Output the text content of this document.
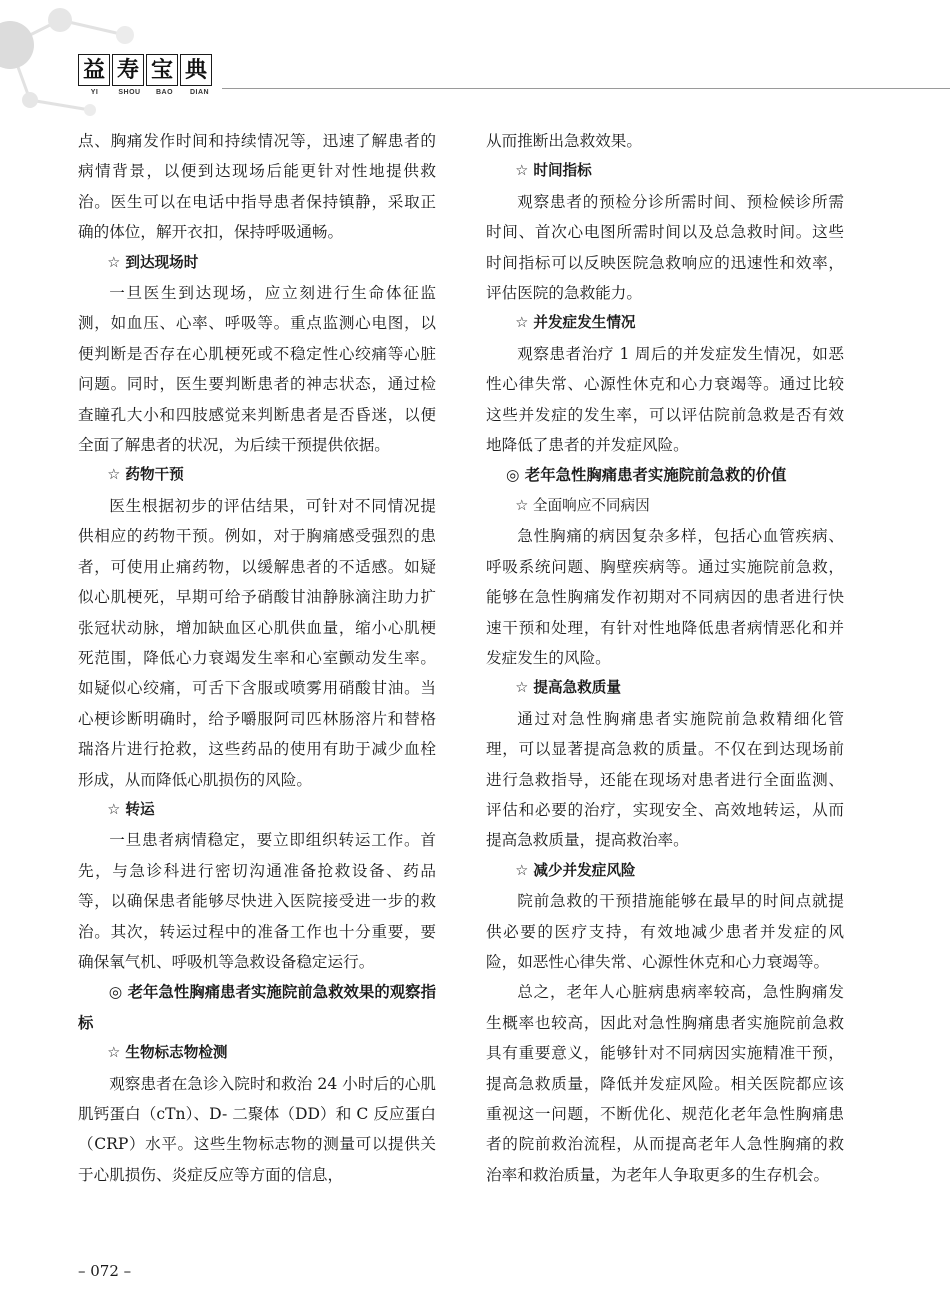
益 寿 宝 典
YI	SHOU	BAO	DIAN

点、胸痛发作时间和持续情况等，迅速了解患者的病情背景，以便到达现场后能更针对性地提供救治。医生可以在电话中指导患者保持镇静，采取正确的体位，解开衣扣，保持呼吸通畅。

☆ 到达现场时

一旦医生到达现场，应立刻进行生命体征监测，如血压、心率、呼吸等。重点监测心电图，以便判断是否存在心肌梗死或不稳定性心绞痛等心脏问题。同时，医生要判断患者的神志状态，通过检查瞳孔大小和四肢感觉来判断患者是否昏迷，以便全面了解患者的状况，为后续干预提供依据。

☆ 药物干预

医生根据初步的评估结果，可针对不同情况提供相应的药物干预。例如，对于胸痛感受强烈的患者，可使用止痛药物，以缓解患者的不适感。如疑似心肌梗死，早期可给予硝酸甘油静脉滴注助力扩张冠状动脉，增加缺血区心肌供血量，缩小心肌梗死范围，降低心力衰竭发生率和心室颤动发生率。如疑似心绞痛，可舌下含服或喷雾用硝酸甘油。当心梗诊断明确时，给予嚼服阿司匹林肠溶片和替格瑞洛片进行抢救，这些药品的使用有助于减少血栓形成，从而降低心肌损伤的风险。

☆ 转运

一旦患者病情稳定，要立即组织转运工作。首先，与急诊科进行密切沟通准备抢救设备、药品等，以确保患者能够尽快进入医院接受进一步的救治。其次，转运过程中的准备工作也十分重要，要确保氧气机、呼吸机等急救设备稳定运行。

◎ 老年急性胸痛患者实施院前急救效果的观察指标

☆ 生物标志物检测

观察患者在急诊入院时和救治 24 小时后的心肌肌钙蛋白（cTn）、D- 二聚体（DD）和 C 反应蛋白（CRP）水平。这些生物标志物的测量可以提供关于心肌损伤、炎症反应等方面的信息，

从而推断出急救效果。

☆ 时间指标

观察患者的预检分诊所需时间、预检候诊所需时间、首次心电图所需时间以及总急救时间。这些时间指标可以反映医院急救响应的迅速性和效率，评估医院的急救能力。

☆ 并发症发生情况

观察患者治疗 1 周后的并发症发生情况，如恶性心律失常、心源性休克和心力衰竭等。通过比较这些并发症的发生率，可以评估院前急救是否有效地降低了患者的并发症风险。

◎ 老年急性胸痛患者实施院前急救的价值

☆ 全面响应不同病因

急性胸痛的病因复杂多样，包括心血管疾病、呼吸系统问题、胸壁疾病等。通过实施院前急救，能够在急性胸痛发作初期对不同病因的患者进行快速干预和处理，有针对性地降低患者病情恶化和并发症发生的风险。

☆ 提高急救质量

通过对急性胸痛患者实施院前急救精细化管理，可以显著提高急救的质量。不仅在到达现场前进行急救指导，还能在现场对患者进行全面监测、评估和必要的治疗，实现安全、高效地转运，从而提高急救质量，提高救治率。

☆ 减少并发症风险

院前急救的干预措施能够在最早的时间点就提供必要的医疗支持，有效地减少患者并发症的风险，如恶性心律失常、心源性休克和心力衰竭等。

总之，老年人心脏病患病率较高，急性胸痛发生概率也较高，因此对急性胸痛患者实施院前急救具有重要意义，能够针对不同病因实施精准干预，提高急救质量，降低并发症风险。相关医院都应该重视这一问题，不断优化、规范化老年急性胸痛患者的院前救治流程，从而提高老年人急性胸痛的救治率和救治质量，为老年人争取更多的生存机会。

– 072 –
